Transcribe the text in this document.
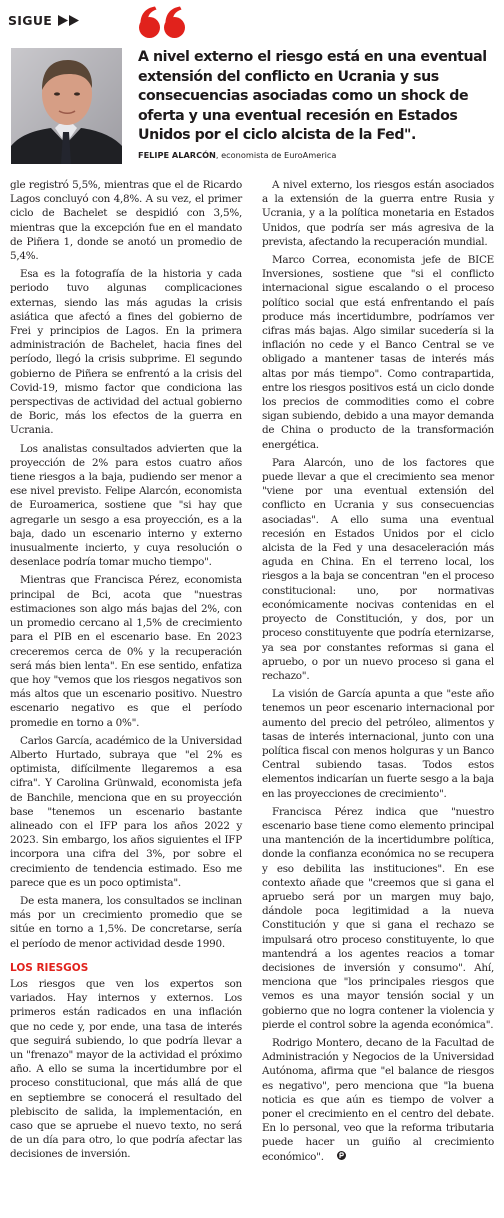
SIGUE

A nivel externo el riesgo está en una eventual extensión del conflicto en Ucrania y sus consecuencias asociadas como un shock de oferta y una eventual recesión en Estados Unidos por el ciclo alcista de la Fed".

FELIPE ALARCÓN, economista de EuroAmerica

gle registró 5,5%, mientras que el de Ricardo Lagos concluyó con 4,8%. A su vez, el primer ciclo de Bachelet se despidió con 3,5%, mientras que la excepción fue en el mandato de Piñera 1, donde se anotó un promedio de 5,4%.

Esa es la fotografía de la historia y cada periodo tuvo algunas complicaciones externas, siendo las más agudas la crisis asiática que afectó a fines del gobierno de Frei y principios de Lagos. En la primera administración de Bachelet, hacia fines del período, llegó la crisis subprime. El segundo gobierno de Piñera se enfrentó a la crisis del Covid-19, mismo factor que condiciona las perspectivas de actividad del actual gobierno de Boric, más los efectos de la guerra en Ucrania.

Los analistas consultados advierten que la proyección de 2% para estos cuatro años tiene riesgos a la baja, pudiendo ser menor a ese nivel previsto. Felipe Alarcón, economista de Euroamerica, sostiene que "si hay que agregarle un sesgo a esa proyección, es a la baja, dado un escenario interno y externo inusualmente incierto, y cuya resolución o desenlace podría tomar mucho tiempo".

Mientras que Francisca Pérez, economista principal de Bci, acota que "nuestras estimaciones son algo más bajas del 2%, con un promedio cercano al 1,5% de crecimiento para el PIB en el escenario base. En 2023 creceremos cerca de 0% y la recuperación será más bien lenta". En ese sentido, enfatiza que hoy "vemos que los riesgos negativos son más altos que un escenario positivo. Nuestro escenario negativo es que el período promedie en torno a 0%".

Carlos García, académico de la Universidad Alberto Hurtado, subraya que "el 2% es optimista, difícilmente llegaremos a esa cifra". Y Carolina Grünwald, economista jefa de Banchile, menciona que en su proyección base "tenemos un escenario bastante alineado con el IFP para los años 2022 y 2023. Sin embargo, los años siguientes el IFP incorpora una cifra del 3%, por sobre el crecimiento de tendencia estimado. Eso me parece que es un poco optimista".

De esta manera, los consultados se inclinan más por un crecimiento promedio que se sitúe en torno a 1,5%. De concretarse, sería el período de menor actividad desde 1990.

LOS RIESGOS

Los riesgos que ven los expertos son variados. Hay internos y externos. Los primeros están radicados en una inflación que no cede y, por ende, una tasa de interés que seguirá subiendo, lo que podría llevar a un "frenazo" mayor de la actividad el próximo año. A ello se suma la incertidumbre por el proceso constitucional, que más allá de que en septiembre se conocerá el resultado del plebiscito de salida, la implementación, en caso que se apruebe el nuevo texto, no será de un día para otro, lo que podría afectar las decisiones de inversión.

A nivel externo, los riesgos están asociados a la extensión de la guerra entre Rusia y Ucrania, y a la política monetaria en Estados Unidos, que podría ser más agresiva de la prevista, afectando la recuperación mundial.

Marco Correa, economista jefe de BICE Inversiones, sostiene que "si el conflicto internacional sigue escalando o el proceso político social que está enfrentando el país produce más incertidumbre, podríamos ver cifras más bajas. Algo similar sucedería si la inflación no cede y el Banco Central se ve obligado a mantener tasas de interés más altas por más tiempo". Como contrapartida, entre los riesgos positivos está un ciclo donde los precios de commodities como el cobre sigan subiendo, debido a una mayor demanda de China o producto de la transformación energética.

Para Alarcón, uno de los factores que puede llevar a que el crecimiento sea menor "viene por una eventual extensión del conflicto en Ucrania y sus consecuencias asociadas". A ello suma una eventual recesión en Estados Unidos por el ciclo alcista de la Fed y una desaceleración más aguda en China. En el terreno local, los riesgos a la baja se concentran "en el proceso constitucional: uno, por normativas económicamente nocivas contenidas en el proyecto de Constitución, y dos, por un proceso constituyente que podría eternizarse, ya sea por constantes reformas si gana el apruebo, o por un nuevo proceso si gana el rechazo".

La visión de García apunta a que "este año tenemos un peor escenario internacional por aumento del precio del petróleo, alimentos y tasas de interés internacional, junto con una política fiscal con menos holguras y un Banco Central subiendo tasas. Todos estos elementos indicarían un fuerte sesgo a la baja en las proyecciones de crecimiento".

Francisca Pérez indica que "nuestro escenario base tiene como elemento principal una mantención de la incertidumbre política, donde la confianza económica no se recupera y eso debilita las instituciones". En ese contexto añade que "creemos que si gana el apruebo será por un margen muy bajo, dándole poca legitimidad a la nueva Constitución y que si gana el rechazo se impulsará otro proceso constituyente, lo que mantendrá a los agentes reacios a tomar decisiones de inversión y consumo". Ahí, menciona que "los principales riesgos que vemos es una mayor tensión social y un gobierno que no logra contener la violencia y pierde el control sobre la agenda económica".

Rodrigo Montero, decano de la Facultad de Administración y Negocios de la Universidad Autónoma, afirma que "el balance de riesgos es negativo", pero menciona que "la buena noticia es que aún es tiempo de volver a poner el crecimiento en el centro del debate. En lo personal, veo que la reforma tributaria puede hacer un guiño al crecimiento económico".
